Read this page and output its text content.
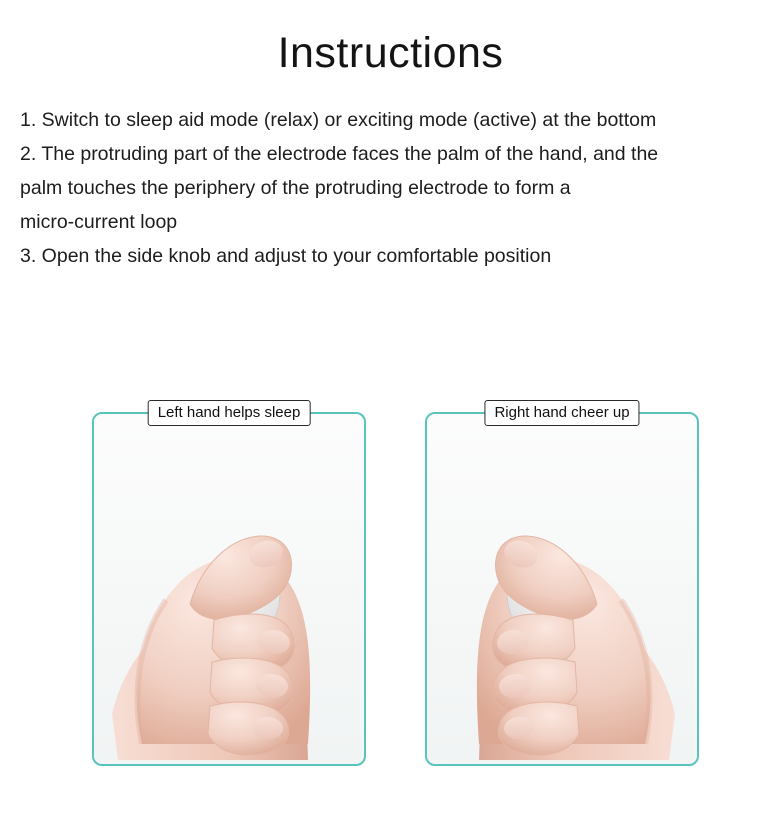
Instructions
1. Switch to sleep aid mode (relax) or exciting mode (active) at the bottom
2. The protruding part of the electrode faces the palm of the hand, and the
palm touches the periphery of the protruding electrode to form a
micro-current loop
3. Open the side knob and adjust to your comfortable position
Left hand helps sleep	Right hand cheer up
